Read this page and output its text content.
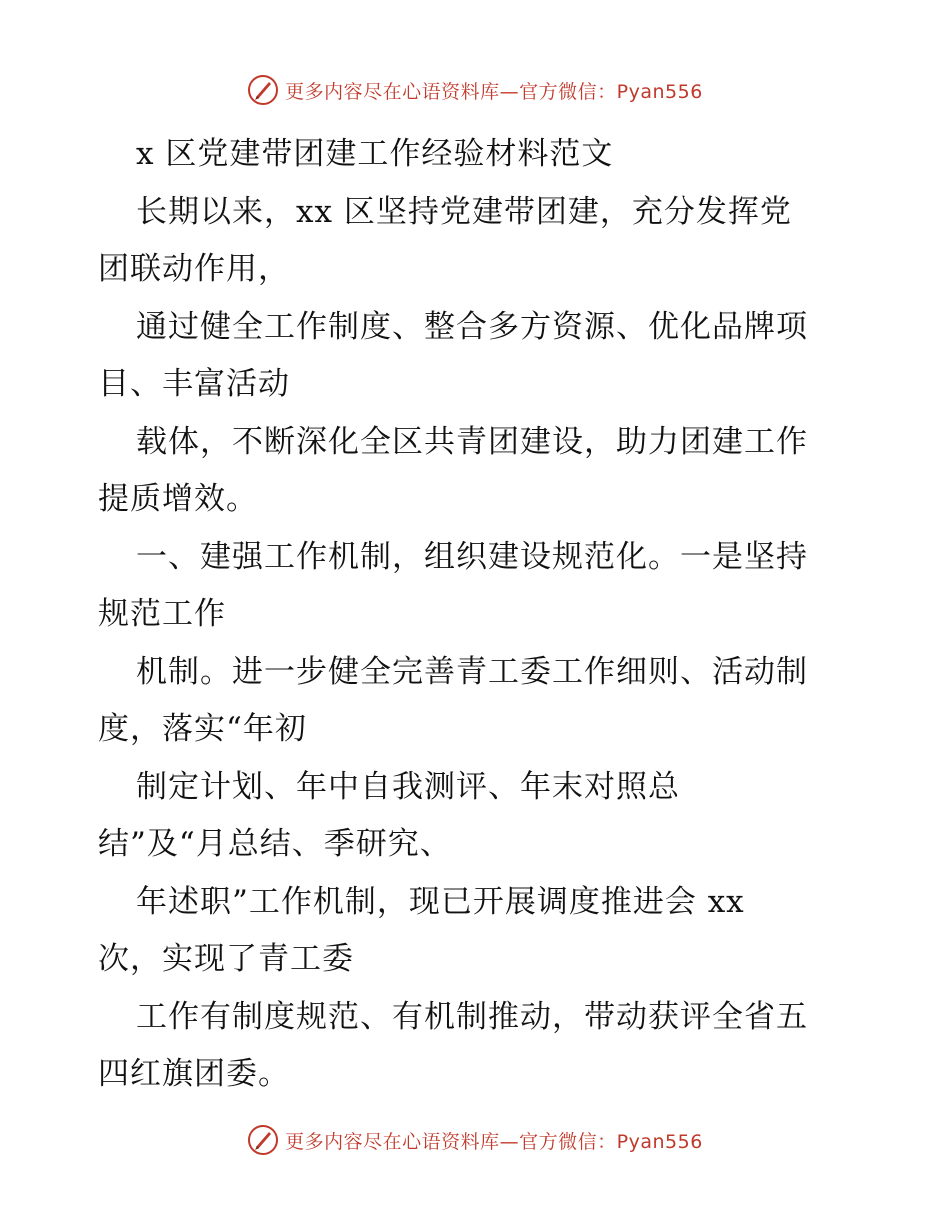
更多内容尽在心语资料库—官方微信：Pyan556
x 区党建带团建工作经验材料范文
长期以来，xx 区坚持党建带团建，充分发挥党
团联动作用，
通过健全工作制度、整合多方资源、优化品牌项
目、丰富活动
载体，不断深化全区共青团建设，助力团建工作
提质增效。
一、建强工作机制，组织建设规范化。一是坚持
规范工作
机制。进一步健全完善青工委工作细则、活动制
度，落实“年初
制定计划、年中自我测评、年末对照总
结”及“月总结、季研究、
年述职”工作机制，现已开展调度推进会 xx
次，实现了青工委
工作有制度规范、有机制推动，带动获评全省五
四红旗团委。
更多内容尽在心语资料库—官方微信：Pyan556
